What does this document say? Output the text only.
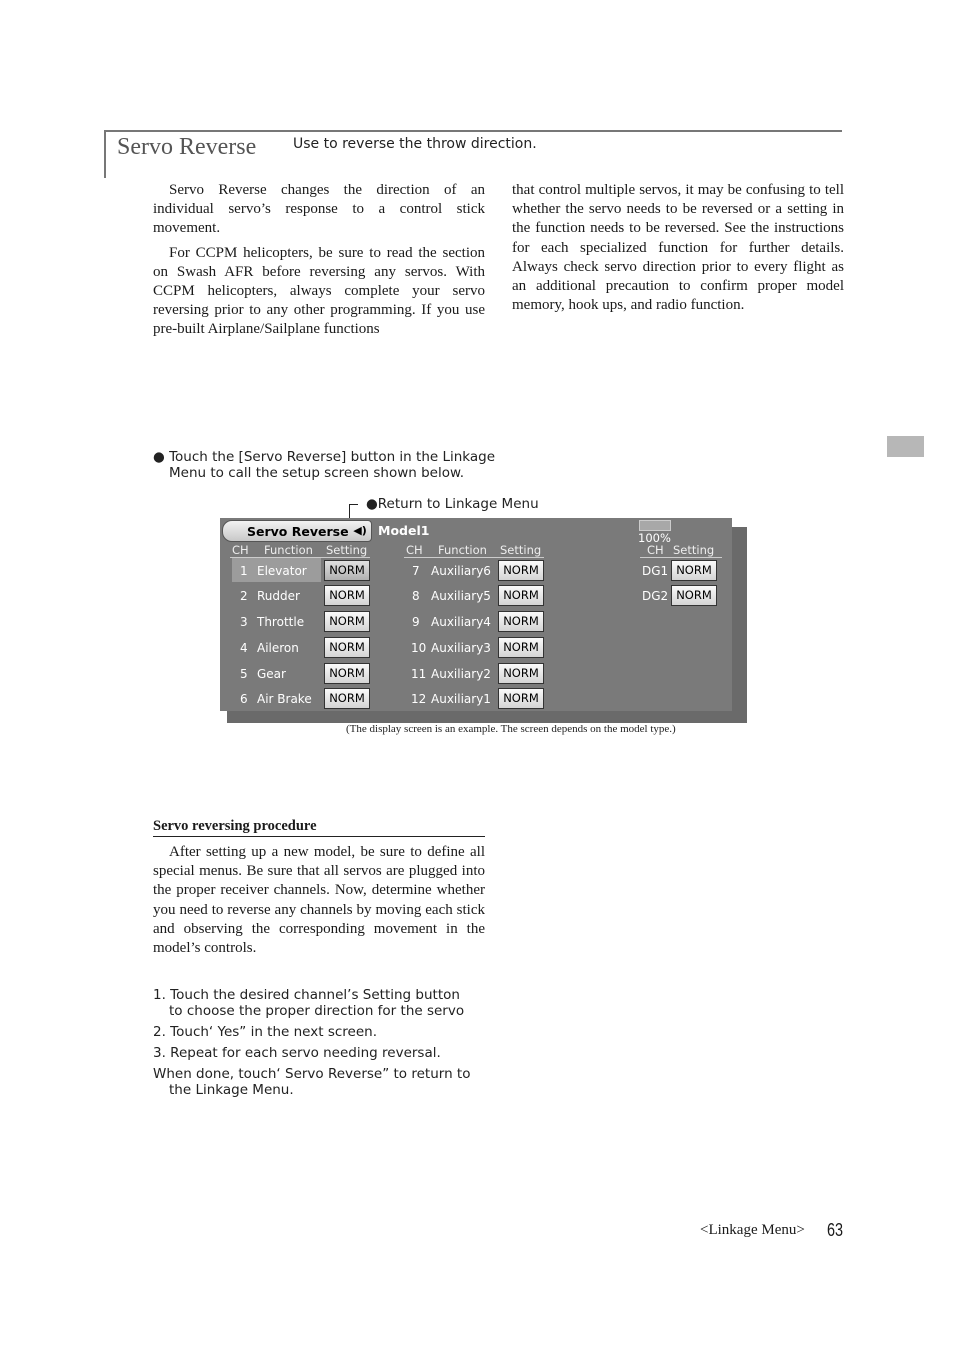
Servo Reverse	Use to reverse the throw direction.

Servo Reverse changes the direction of an individual servo’s response to a control stick movement.

For CCPM helicopters, be sure to read the section on Swash AFR before reversing any servos. With CCPM helicopters, always complete your servo reversing prior to any other programming. If you use pre-built Airplane/Sailplane functions

that control multiple servos, it may be confusing to tell whether the servo needs to be reversed or a setting in the function needs to be reversed. See the instructions for each specialized function for further details. Always check servo direction prior to every flight as an additional precaution to confirm proper model memory, hook ups, and radio function.

● Touch the [Servo Reverse] button in the Linkage
Menu to call the setup screen shown below.
●Return to Linkage Menu
Servo Reverse ◀) Model1	100%
CH Function Setting	CH Function Setting	CH Setting
1 Elevator	NORM
2 Rudder	NORM
3 Throttle	NORM
4 Aileron	NORM
5 Gear	NORM
6 Air Brake	NORM
7 Auxiliary6	NORM
8 Auxiliary5	NORM
9 Auxiliary4	NORM
10 Auxiliary3	NORM
11 Auxiliary2	NORM
12 Auxiliary1	NORM
DG1 NORM
DG2 NORM
(The display screen is an example. The screen depends on the model type.)
Servo reversing procedure

After setting up a new model, be sure to define all special menus. Be sure that all servos are plugged into the proper receiver channels. Now, determine whether you need to reverse any channels by moving each stick and observing the corresponding movement in the model’s controls.

1. Touch the desired channel’s Setting button
to choose the proper direction for the servo
2. Touch‘ Yes” in the next screen.
3. Repeat for each servo needing reversal.
When done, touch‘ Servo Reverse” to return to
the Linkage Menu.
<Linkage Menu> 63
